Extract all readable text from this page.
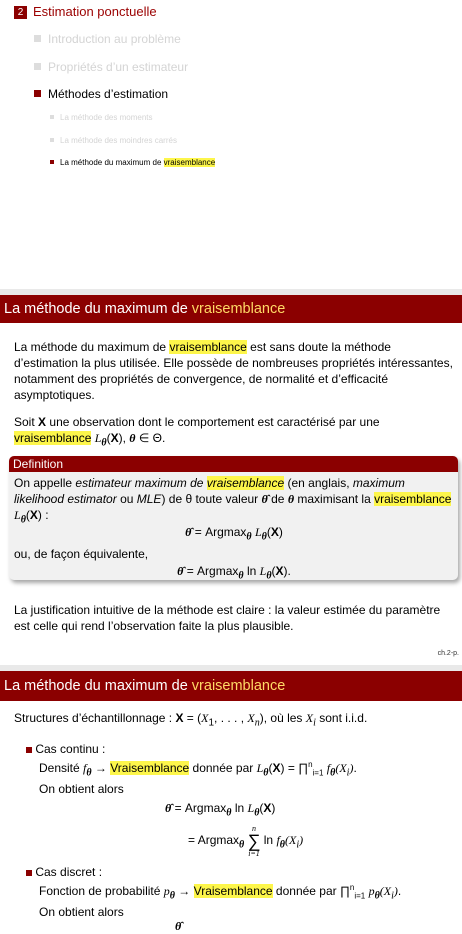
2 Estimation ponctuelle
Introduction au problème
Propriétés d’un estimateur
Méthodes d’estimation
La méthode des moments
La méthode des moindres carrés
La méthode du maximum de vraisemblance
La méthode du maximum de vraisemblance
La méthode du maximum de vraisemblance est sans doute la méthode
d’estimation la plus utilisée. Elle possède de nombreuses propriétés intéressantes,
notamment des propriétés de convergence, de normalité et d’efficacité
asymptotiques.
Soit X une observation dont le comportement est caractérisé par une
vraisemblance $L_\theta(X)$, θ ∈ Θ.
Definition
On appelle estimateur maximum de vraisemblance (en anglais, maximum
likelihood estimator ou MLE) de θ toute valeur θ̂ de θ maximisant la vraisemblance
$L_\theta(X)$ :
θ̂ = Argmax$_\theta$ $L_\theta(X)$
ou, de façon équivalente,
θ̂ = Argmax$_\theta$ $\ln L_\theta(X)$.
La justification intuitive de la méthode est claire : la valeur estimée du paramètre
est celle qui rend l’observation faite la plus plausible.
ch.2-p.
La méthode du maximum de vraisemblance
Structures d’échantillonnage : $X = (X_1$, . . . , $X_n$), où les $X_i$ sont i.i.d.
Cas continu :
Densité $f_\theta$ → Vraisemblance donnée par $L_\theta(X)$ = ∏$^n_{i=1}$ $f_\theta(X_i)$.
On obtient alors
θ̂ = Argmax$_\theta$ $\ln L_\theta(X)$
= Argmax$_\theta$
n
∑
i=1
$\ln f_\theta(X_i)$
Cas discret :
Fonction de probabilité $p_\theta$ → Vraisemblance donnée par ∏$^n_{i=1}$ $p_\theta(X_i)$.
On obtient alors
θ̂
